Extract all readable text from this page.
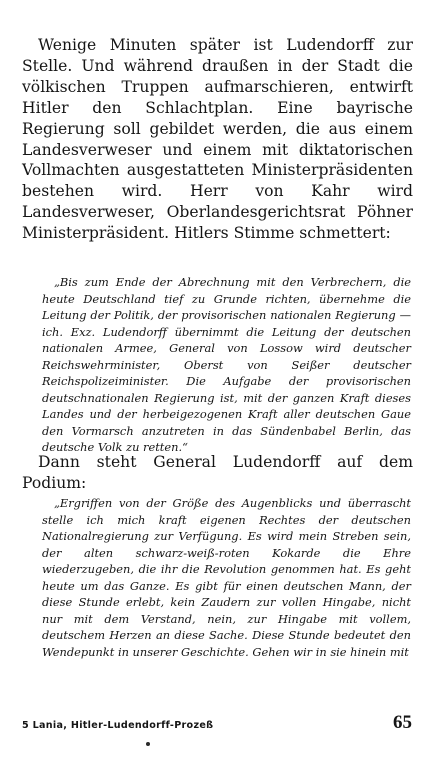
Wenige Minuten später ist Ludendorff zur Stelle. Und während draußen in der Stadt die völkischen Truppen aufmarschieren, entwirft Hitler den Schlachtplan. Eine bayrische Regierung soll gebildet werden, die aus einem Landesverweser und einem mit diktatorischen Vollmachten ausgestatteten Ministerpräsidenten bestehen wird. Herr von Kahr wird Landesverweser, Oberlandesgerichtsrat Pöhner Ministerpräsident. Hitlers Stimme schmettert:

„Bis zum Ende der Abrechnung mit den Verbrechern, die heute Deutschland tief zu Grunde richten, übernehme die Leitung der Politik, der provisorischen nationalen Regierung — ich. Exz. Ludendorff übernimmt die Leitung der deutschen nationalen Armee, General von Lossow wird deutscher Reichswehrminister, Oberst von Seißer deutscher Reichspolizeiminister. Die Aufgabe der provisorischen deutschnationalen Regierung ist, mit der ganzen Kraft dieses Landes und der herbeigezogenen Kraft aller deutschen Gaue den Vormarsch anzutreten in das Sündenbabel Berlin, das deutsche Volk zu retten.“

Dann steht General Ludendorff auf dem Podium:

„Ergriffen von der Größe des Augenblicks und überrascht stelle ich mich kraft eigenen Rechtes der deutschen Nationalregierung zur Verfügung. Es wird mein Streben sein, der alten schwarz-weiß-roten Kokarde die Ehre wiederzugeben, die ihr die Revolution genommen hat. Es geht heute um das Ganze. Es gibt für einen deutschen Mann, der diese Stunde erlebt, kein Zaudern zur vollen Hingabe, nicht nur mit dem Verstand, nein, zur Hingabe mit vollem, deutschem Herzen an diese Sache. Diese Stunde bedeutet den Wendepunkt in unserer Geschichte. Gehen wir in sie hinein mit

5 Lania, Hitler-Ludendorff-Prozeß	65
